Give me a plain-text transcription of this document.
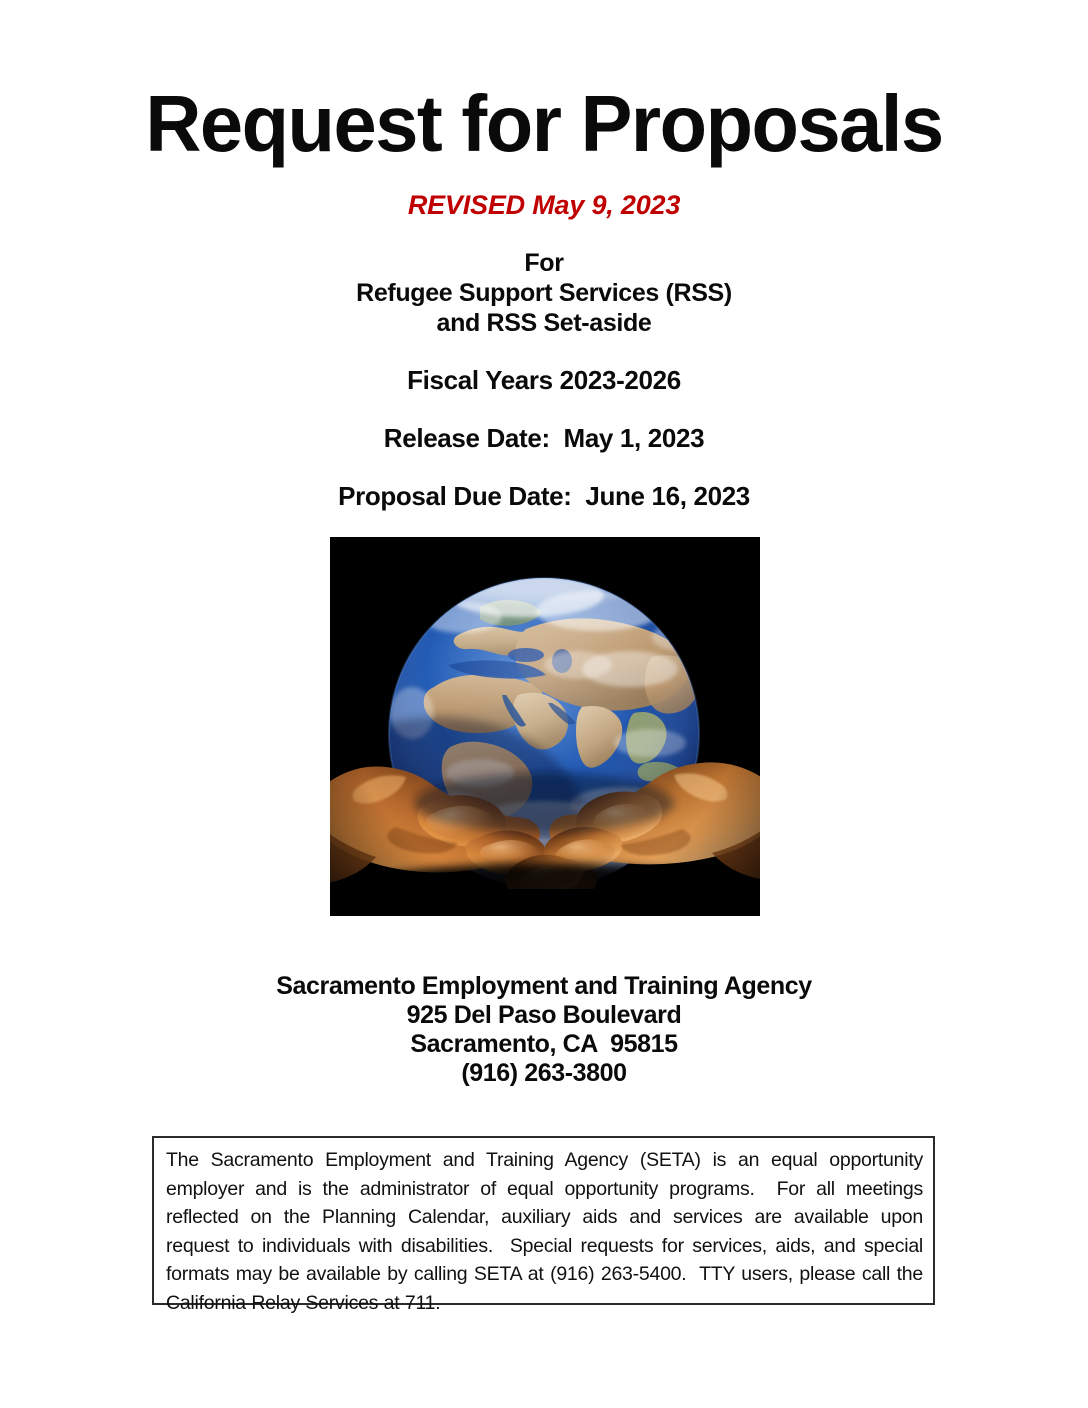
Request for Proposals
REVISED May 9, 2023
For
Refugee Support Services (RSS)
and RSS Set-aside
Fiscal Years 2023-2026
Release Date:  May 1, 2023
Proposal Due Date:  June 16, 2023
Sacramento Employment and Training Agency
925 Del Paso Boulevard
Sacramento, CA  95815
(916) 263-3800
The Sacramento Employment and Training Agency (SETA) is an equal opportunity
employer and is the administrator of equal opportunity programs.  For all meetings
reflected on the Planning Calendar, auxiliary aids and services are available upon
request to individuals with disabilities.  Special requests for services, aids, and special
formats may be available by calling SETA at (916) 263-5400.  TTY users, please call the
California Relay Services at 711.
